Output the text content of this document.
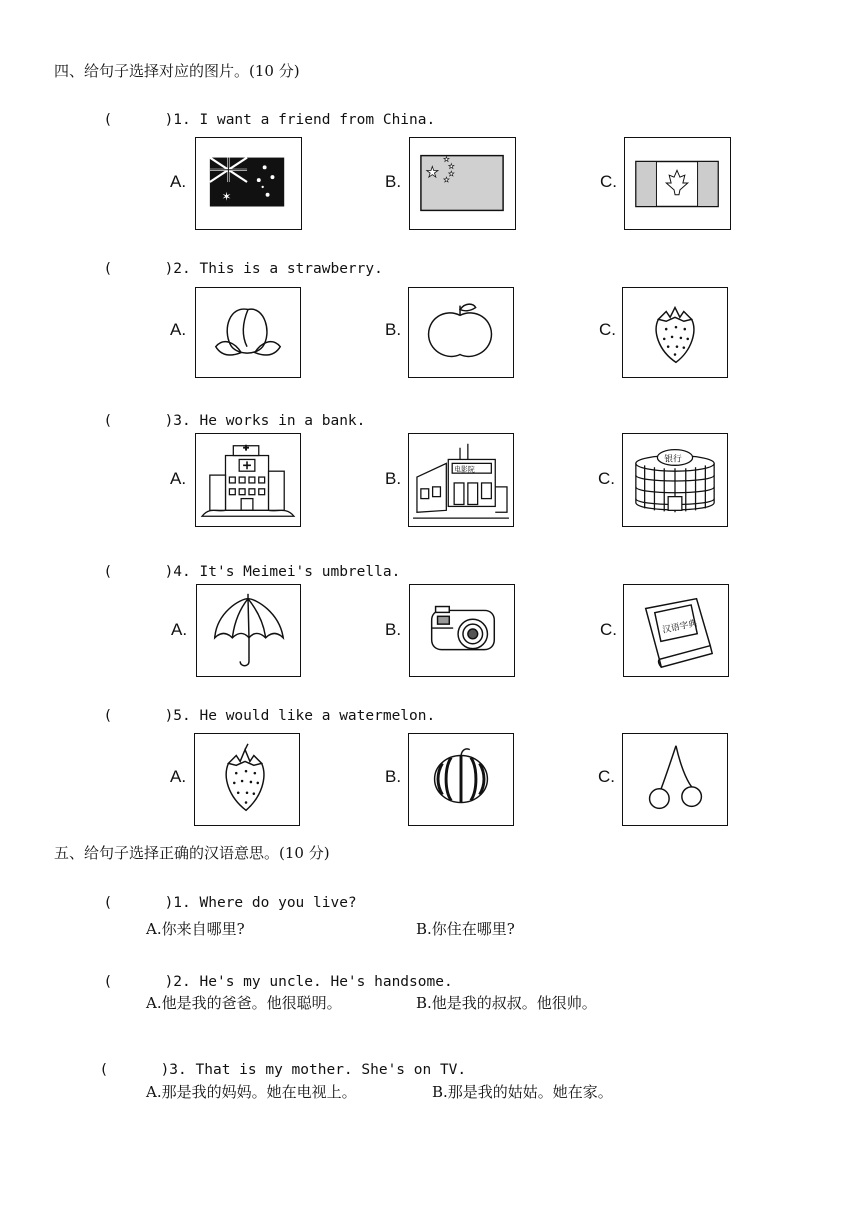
四、给句子选择对应的图片。(10 分)

(      )1. I want a friend from China.

A.
✶
B. ★
★
★
★
★	C.

(      )2. This is a strawberry.

A.	B.	C.

(      )3. He works in a bank.

A.	B.	电影院	C.
银行

(      )4. It's Meimei's umbrella.

A.	B.	C.	汉语字典

(      )5. He would like a watermelon.

A.	B.	C.
五、给句子选择正确的汉语意思。(10 分)

(      )1. Where do you live?

A.你来自哪里?	B.你住在哪里?

(      )2. He's my uncle. He's handsome.

A.他是我的爸爸。他很聪明。	B.他是我的叔叔。他很帅。

(      )3. That is my mother. She's on TV.

A.那是我的妈妈。她在电视上。	B.那是我的姑姑。她在家。
